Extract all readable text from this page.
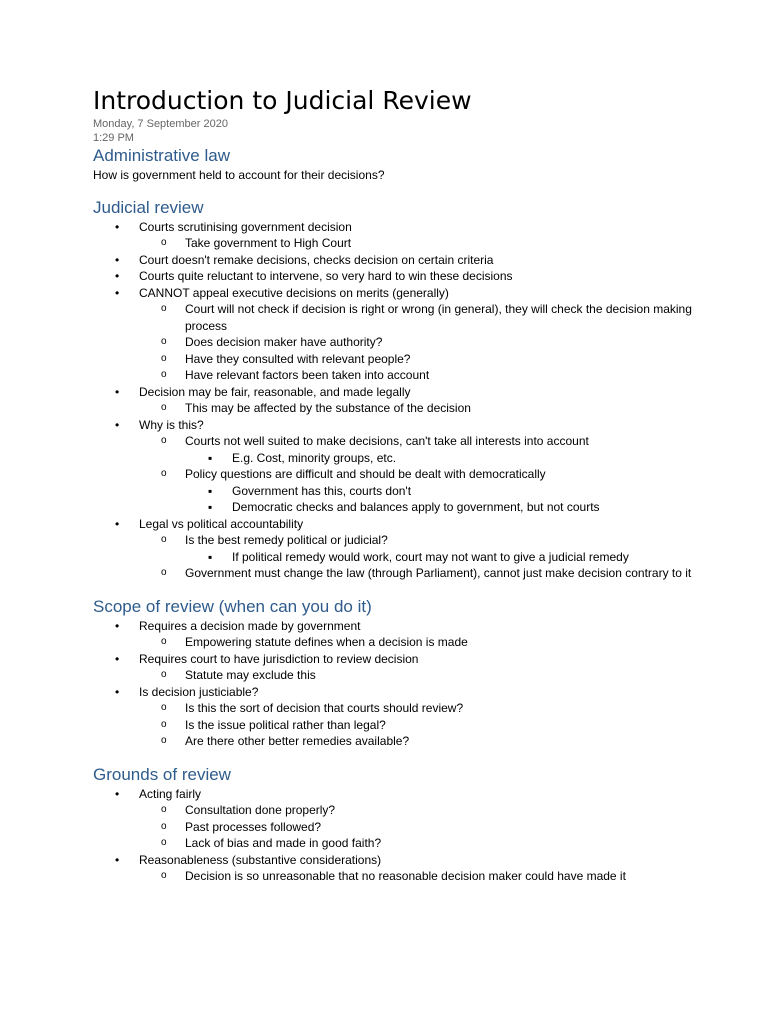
Introduction to Judicial Review
Monday, 7 September 2020
1:29 PM
Administrative law

How is government held to account for their decisions?

Judicial review
• Courts scrutinising government decision
o Take government to High Court
• Court doesn't remake decisions, checks decision on certain criteria
• Courts quite reluctant to intervene, so very hard to win these decisions
• CANNOT appeal executive decisions on merits (generally)
o Court will not check if decision is right or wrong (in general), they will check the decision making process
o Does decision maker have authority?
o Have they consulted with relevant people?
o Have relevant factors been taken into account
• Decision may be fair, reasonable, and made legally
o This may be affected by the substance of the decision
• Why is this?
o Courts not well suited to make decisions, can't take all interests into account
▪ E.g. Cost, minority groups, etc.
o Policy questions are difficult and should be dealt with democratically
▪ Government has this, courts don't
▪ Democratic checks and balances apply to government, but not courts
• Legal vs political accountability
o Is the best remedy political or judicial?
▪ If political remedy would work, court may not want to give a judicial remedy
o Government must change the law (through Parliament), cannot just make decision contrary to it
Scope of review (when can you do it)
• Requires a decision made by government
o Empowering statute defines when a decision is made
• Requires court to have jurisdiction to review decision
o Statute may exclude this
• Is decision justiciable?
o Is this the sort of decision that courts should review?
o Is the issue political rather than legal?
o Are there other better remedies available?
Grounds of review
• Acting fairly
o Consultation done properly?
o Past processes followed?
o Lack of bias and made in good faith?
• Reasonableness (substantive considerations)
o Decision is so unreasonable that no reasonable decision maker could have made it
